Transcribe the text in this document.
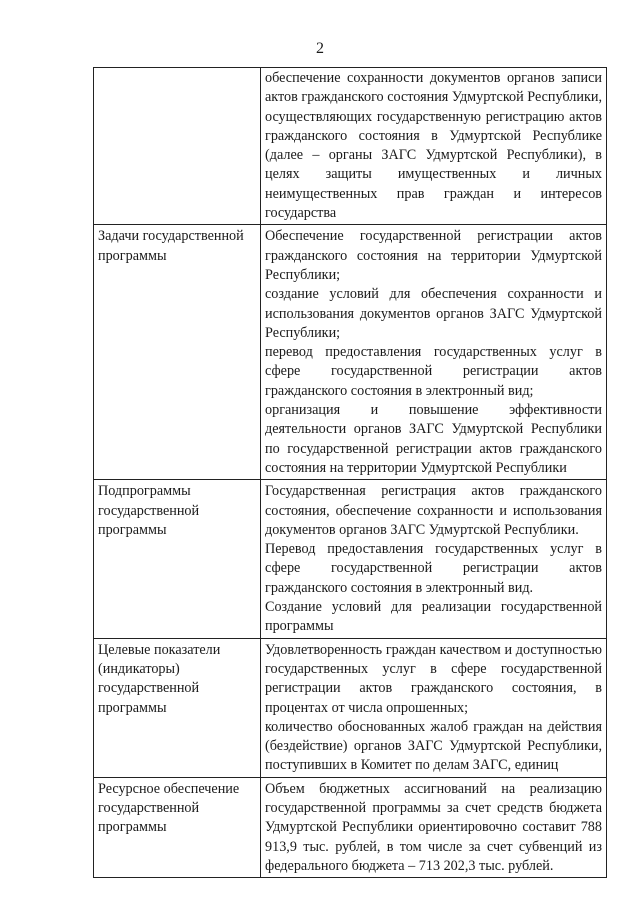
2

	обеспечение сохранности документов органов записи актов гражданского состояния Удмуртской Республики, осуществляющих государственную регистрацию актов гражданского состояния в Удмуртской Республике (далее – органы ЗАГС Удмуртской Республики), в целях защиты имущественных и личных неимущественных прав граждан и интересов государства

Задачи государственной программы	Обеспечение государственной регистрации актов гражданского состояния на территории Удмуртской Республики;
создание условий для обеспечения сохранности и использования документов органов ЗАГС Удмуртской Республики;
перевод предоставления государственных услуг в сфере государственной регистрации актов гражданского состояния в электронный вид;
организация и повышение эффективности деятельности органов ЗАГС Удмуртской Республики по государственной регистрации актов гражданского состояния на территории Удмуртской Республики

Подпрограммы государственной программы	Государственная регистрация актов гражданского состояния, обеспечение сохранности и использования документов органов ЗАГС Удмуртской Республики.
Перевод предоставления государственных услуг в сфере государственной регистрации актов гражданского состояния в электронный вид.
Создание условий для реализации государственной программы

Целевые показатели (индикаторы) государственной программы	Удовлетворенность граждан качеством и доступностью государственных услуг в сфере государственной регистрации актов гражданского состояния, в процентах от числа опрошенных;
количество обоснованных жалоб граждан на действия (бездействие) органов ЗАГС Удмуртской Республики, поступивших в Комитет по делам ЗАГС, единиц

Ресурсное обеспечение государственной программы	Объем бюджетных ассигнований на реализацию государственной программы за счет средств бюджета Удмуртской Республики ориентировочно составит 788 913,9 тыс. рублей, в том числе за счет субвенций из федерального бюджета – 713 202,3 тыс. рублей.
